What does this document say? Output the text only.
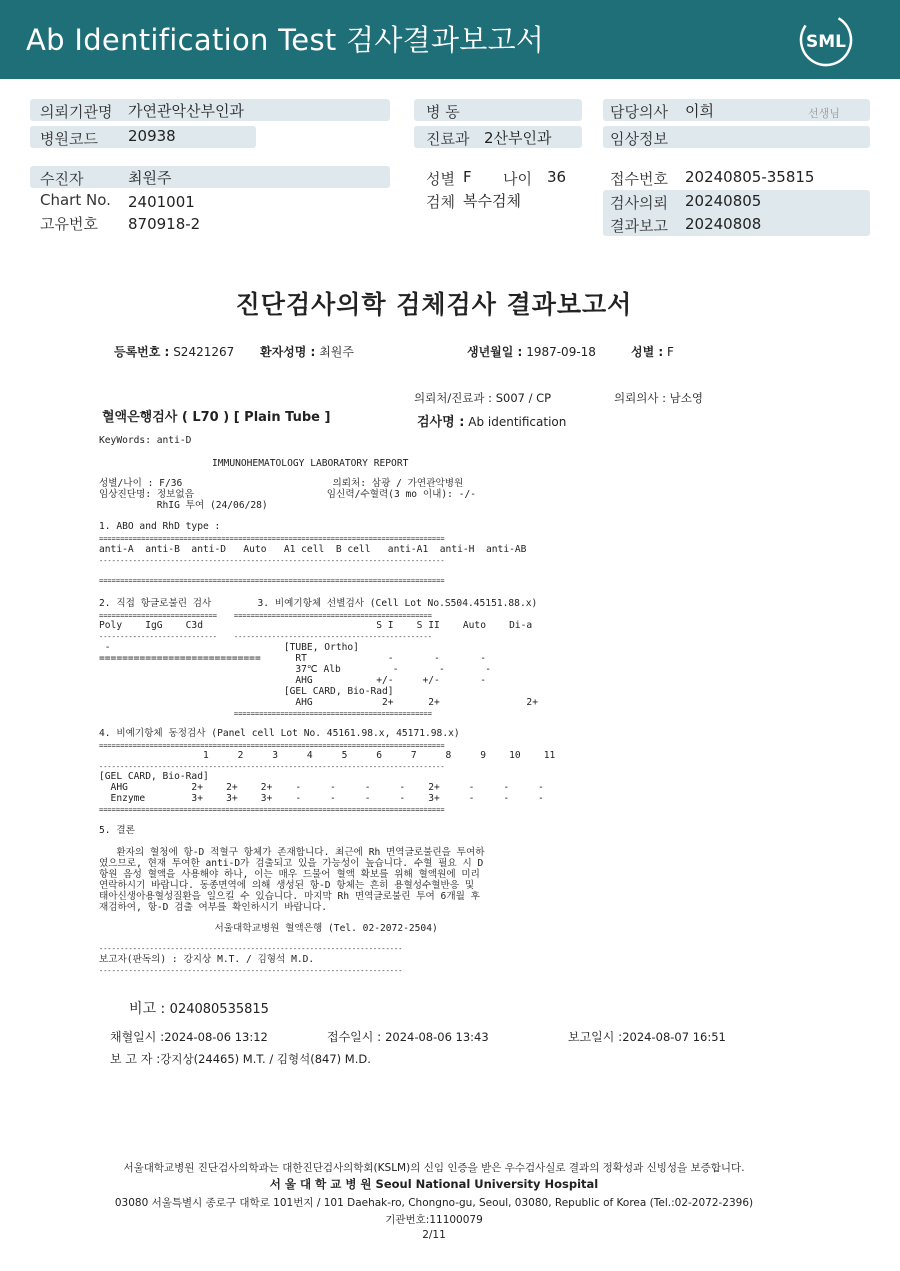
Ab Identification Test 검사결과보고서	SML
의뢰기관명 가연관악산부인과
병원코드 20938
수진자	최원주
Chart No. 2401001
고유번호 870918-2
병 동
진료과 2산부인과
성별 F 나이 36
검체 복수검체
담당의사 이희	선생님
임상정보
접수번호 20240805-35815
검사의뢰 20240805
결과보고 20240808
진단검사의학 검체검사 결과보고서
등록번호 : S2421267 환자성명 : 최원주	생년월일 : 1987-09-18	성별 : F
의뢰처/진료과 : S007 / CP	의뢰의사 : 남소영
혈액은행검사 ( L70 ) [ Plain Tube ]	검사명 : Ab identification
KeyWords: anti-D
IMMUNOHEMATOLOGY LABORATORY REPORT
성별/나이 : F/36                          의뢰처: 삼광 / 가연관악병원
임상진단명: 정보없음                       임신력/수혈력(3 mo 이내): -/-
RhIG 투여 (24/06/28)
1. ABO and RhD type :
==================================================================================
anti-A  anti-B  anti-D   Auto   A1 cell  B cell   anti-A1  anti-H  anti-AB
----------------------------------------------------------------------------------
==================================================================================
2. 직접 항글로불린 검사        3. 비예기항체 선별검사 (Cell Lot No.S504.45151.88.x)
============================    ===============================================
Poly    IgG    C3d                              S I    S II    Auto    Di-a
----------------------------    -----------------------------------------------
-                              [TUBE, Ortho]
============================      RT              -       -       -
37℃ Alb         -       -       -
AHG           +/-     +/-       -
[GEL CARD, Bio-Rad]
AHG            2+      2+               2+
===============================================
4. 비예기항체 동정검사 (Panel cell Lot No. 45161.98.x, 45171.98.x)
==================================================================================
1     2     3     4     5     6     7     8     9    10    11
----------------------------------------------------------------------------------
[GEL CARD, Bio-Rad]
AHG           2+    2+    2+    -     -     -     -    2+     -     -     -
Enzyme        3+    3+    3+    -     -     -     -    3+     -     -     -
==================================================================================
5. 결론
환자의 혈청에 항-D 적혈구 항체가 존재합니다. 최근에 Rh 면역글로불린을 투여하
였으므로, 현재 투여한 anti-D가 검출되고 있을 가능성이 높습니다. 수혈 필요 시 D
항원 음성 혈액을 사용해야 하나, 이는 매우 드물어 혈액 확보를 위해 혈액원에 미리
연락하시기 바랍니다. 동종면역에 의해 생성된 항-D 항체는 흔히 용혈성수혈반응 및
태아신생아용혈성질환을 일으킬 수 있습니다. 마지막 Rh 면역글로불린 투여 6개월 후
재검하여, 항-D 검출 여부를 확인하시기 바랍니다.
서울대학교병원 혈액은행 (Tel. 02-2072-2504)
------------------------------------------------------------------------
보고자(판독의) : 강지상 M.T. / 김형석 M.D.
------------------------------------------------------------------------
비고 : 024080535815
채혈일시 :2024-08-06 13:12	접수일시 : 2024-08-06 13:43	보고일시 :2024-08-07 16:51
보 고 자 :강지상(24465) M.T. / 김형석(847) M.D.
서울대학교병원 진단검사의학과는 대한진단검사의학회(KSLM)의 신임 인증을 받은 우수검사실로 결과의 정확성과 신빙성을 보증합니다.
서 울 대 학 교 병 원 Seoul National University Hospital
03080 서울특별시 종로구 대학로 101번지 / 101 Daehak-ro, Chongno-gu, Seoul, 03080, Republic of Korea (Tel.:02-2072-2396)
기관번호:11100079
2/11
